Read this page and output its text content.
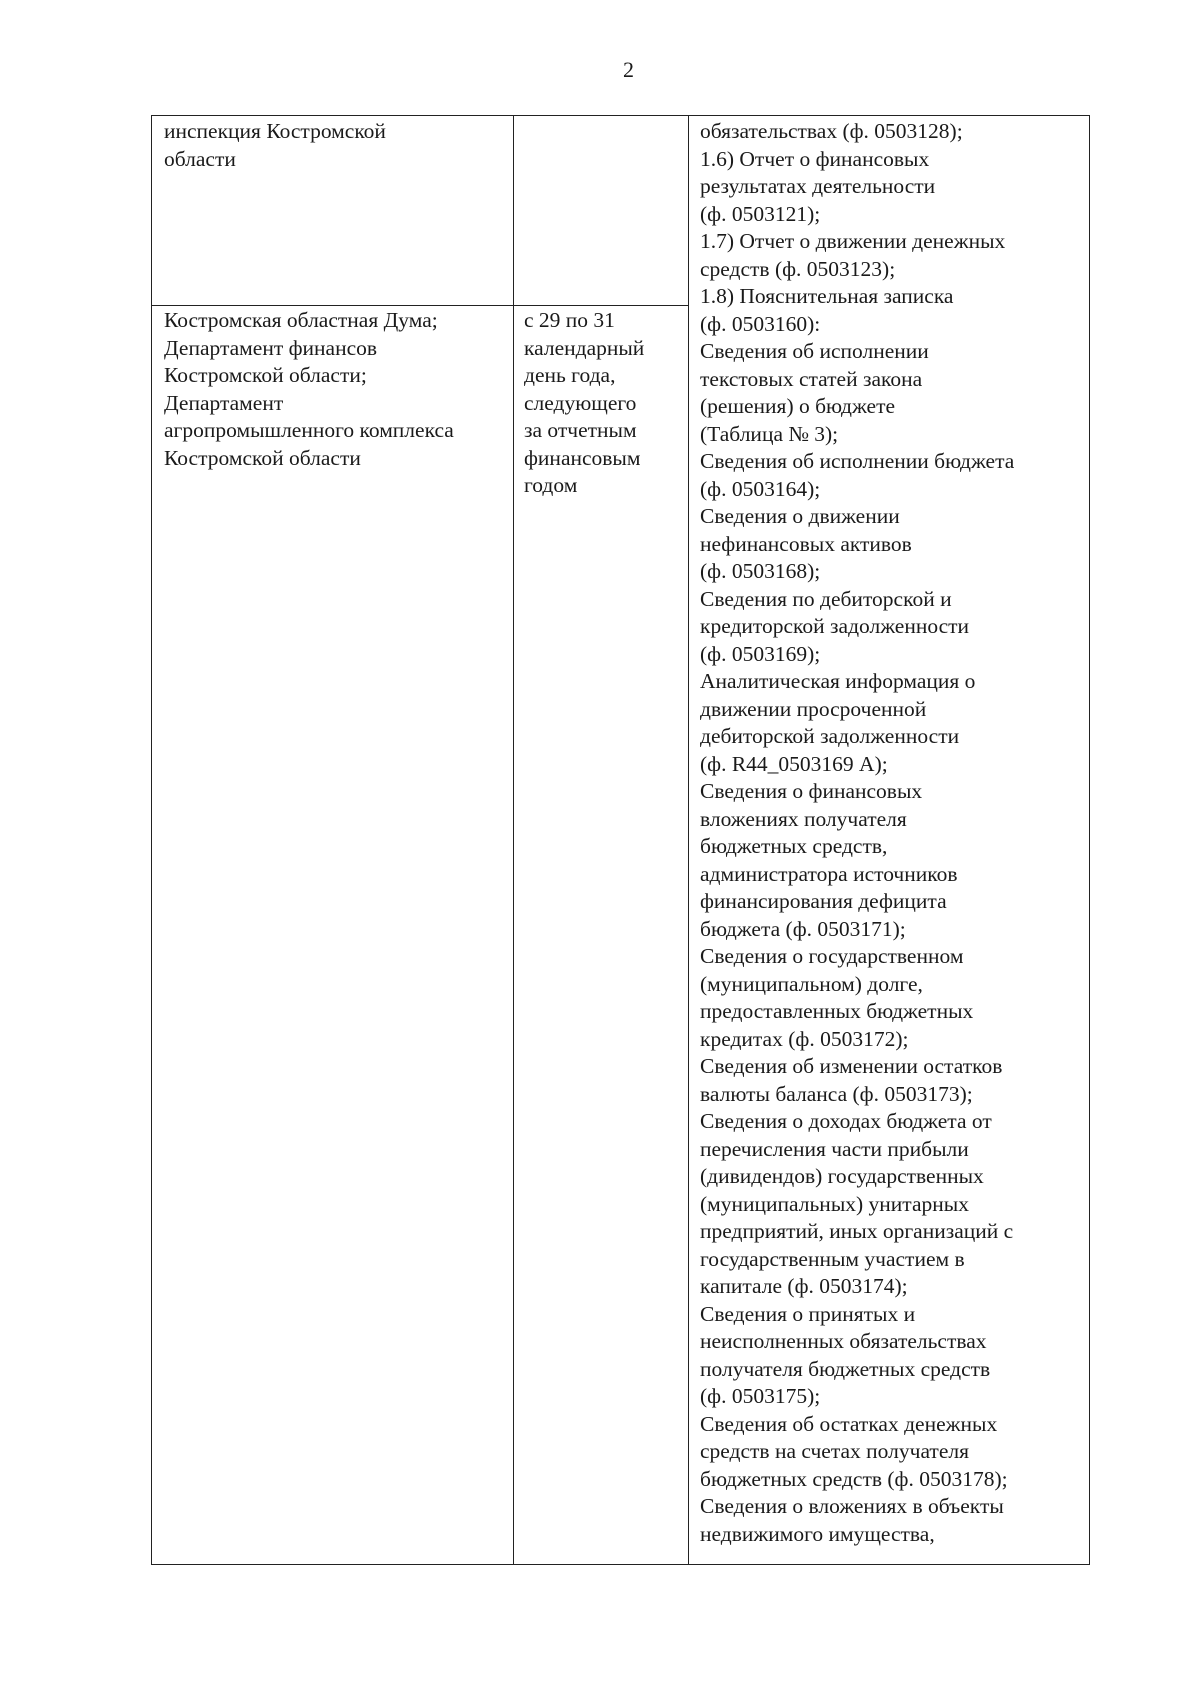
2
инспекция Костромской
области
Костромская областная Дума;
Департамент финансов
Костромской области;
Департамент
агропромышленного комплекса
Костромской области
с 29 по 31
календарный
день года,
следующего
за отчетным
финансовым
годом
обязательствах (ф. 0503128);
1.6) Отчет о финансовых
результатах деятельности
(ф. 0503121);
1.7) Отчет о движении денежных
средств (ф. 0503123);
1.8) Пояснительная записка
(ф. 0503160):
Сведения об исполнении
текстовых статей закона
(решения) о бюджете
(Таблица № 3);
Сведения об исполнении бюджета
(ф. 0503164);
Сведения о движении
нефинансовых активов
(ф. 0503168);
Сведения по дебиторской и
кредиторской задолженности
(ф. 0503169);
Аналитическая информация о
движении просроченной
дебиторской задолженности
(ф. R44_0503169 А);
Сведения о финансовых
вложениях получателя
бюджетных средств,
администратора источников
финансирования дефицита
бюджета (ф. 0503171);
Сведения о государственном
(муниципальном) долге,
предоставленных бюджетных
кредитах (ф. 0503172);
Сведения об изменении остатков
валюты баланса (ф. 0503173);
Сведения о доходах бюджета от
перечисления части прибыли
(дивидендов) государственных
(муниципальных) унитарных
предприятий, иных организаций с
государственным участием в
капитале (ф. 0503174);
Сведения о принятых и
неисполненных обязательствах
получателя бюджетных средств
(ф. 0503175);
Сведения об остатках денежных
средств на счетах получателя
бюджетных средств (ф. 0503178);
Сведения о вложениях в объекты
недвижимого имущества,
